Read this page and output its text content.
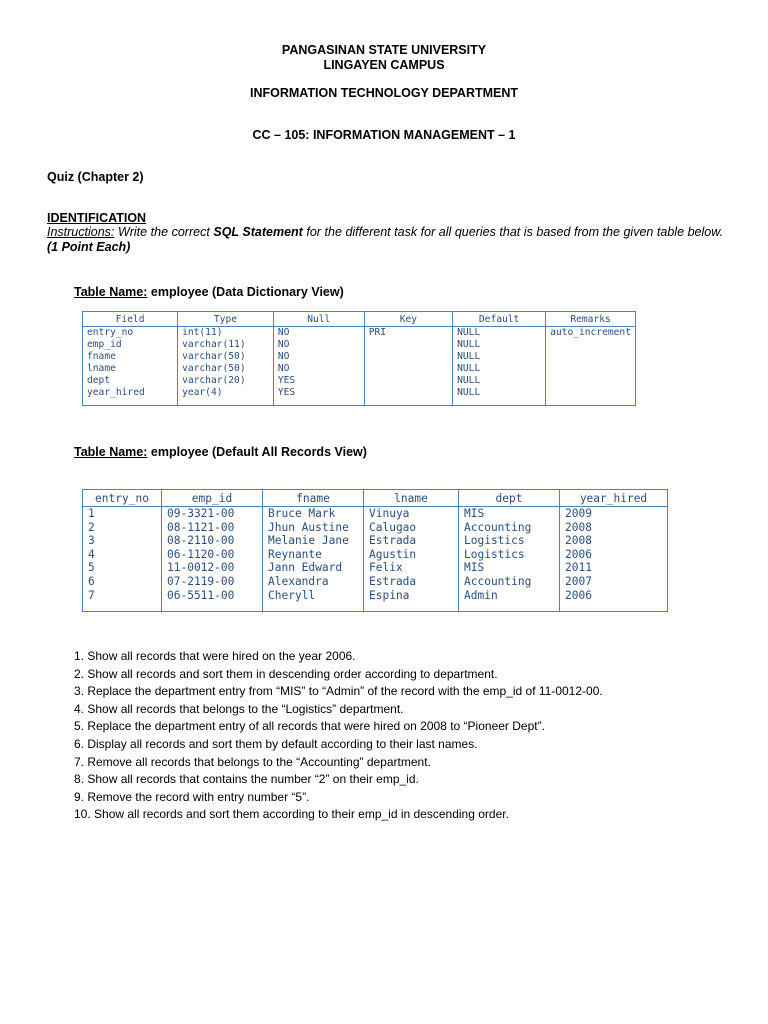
PANGASINAN STATE UNIVERSITY
LINGAYEN CAMPUS
INFORMATION TECHNOLOGY DEPARTMENT
CC – 105: INFORMATION MANAGEMENT – 1
Quiz (Chapter 2)
IDENTIFICATION
Instructions: Write the correct SQL Statement for the different task for all queries that is based from the given table below. (1 Point Each)
Table Name: employee (Data Dictionary View)
Field	Type	Null	Key	Default	Remarks
entry_no	int(11)	NO	PRI	NULL	auto_increment
emp_id	varchar(11)	NO		NULL	
fname	varchar(50)	NO		NULL	
lname	varchar(50)	NO		NULL	
dept	varchar(20)	YES		NULL	
year_hired	year(4)	YES		NULL	
Table Name: employee (Default All Records View)
entry_no	emp_id	fname	lname	dept	year_hired
1	09-3321-00	Bruce Mark	Vinuya	MIS	2009
2	08-1121-00	Jhun Austine	Calugao	Accounting	2008
3	08-2110-00	Melanie Jane	Estrada	Logistics	2008
4	06-1120-00	Reynante	Agustin	Logistics	2006
5	11-0012-00	Jann Edward	Felix	MIS	2011
6	07-2119-00	Alexandra	Estrada	Accounting	2007
7	06-5511-00	Cheryll	Espina	Admin	2006
1. Show all records that were hired on the year 2006.
2. Show all records and sort them in descending order according to department.
3. Replace the department entry from “MIS” to “Admin” of the record with the emp_id of 11-0012-00.
4. Show all records that belongs to the “Logistics” department.
5. Replace the department entry of all records that were hired on 2008 to “Pioneer Dept”.
6. Display all records and sort them by default according to their last names.
7. Remove all records that belongs to the “Accounting” department.
8. Show all records that contains the number “2” on their emp_id.
9. Remove the record with entry number “5”.
10. Show all records and sort them according to their emp_id in descending order.
